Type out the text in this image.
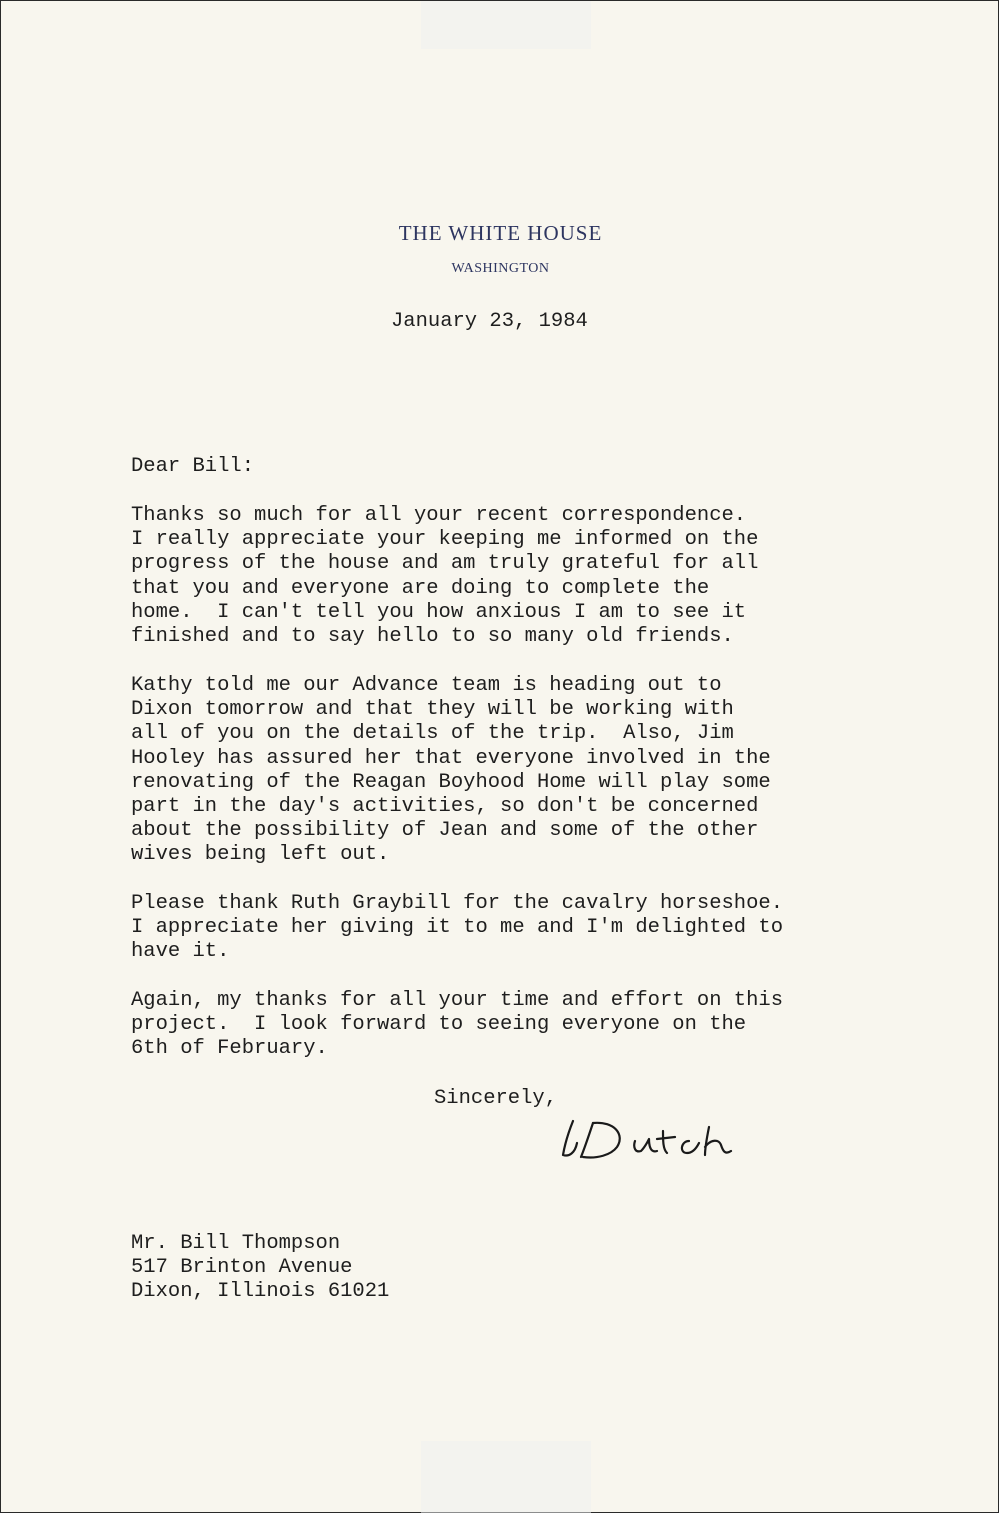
THE WHITE HOUSE
WASHINGTON
January 23, 1984
Dear Bill:
Thanks so much for all your recent correspondence.
I really appreciate your keeping me informed on the
progress of the house and am truly grateful for all
that you and everyone are doing to complete the
home.  I can't tell you how anxious I am to see it
finished and to say hello to so many old friends.
Kathy told me our Advance team is heading out to
Dixon tomorrow and that they will be working with
all of you on the details of the trip.  Also, Jim
Hooley has assured her that everyone involved in the
renovating of the Reagan Boyhood Home will play some
part in the day's activities, so don't be concerned
about the possibility of Jean and some of the other
wives being left out.
Please thank Ruth Graybill for the cavalry horseshoe.
I appreciate her giving it to me and I'm delighted to
have it.
Again, my thanks for all your time and effort on this
project.  I look forward to seeing everyone on the
6th of February.
Sincerely,
Mr. Bill Thompson
517 Brinton Avenue
Dixon, Illinois 61021
